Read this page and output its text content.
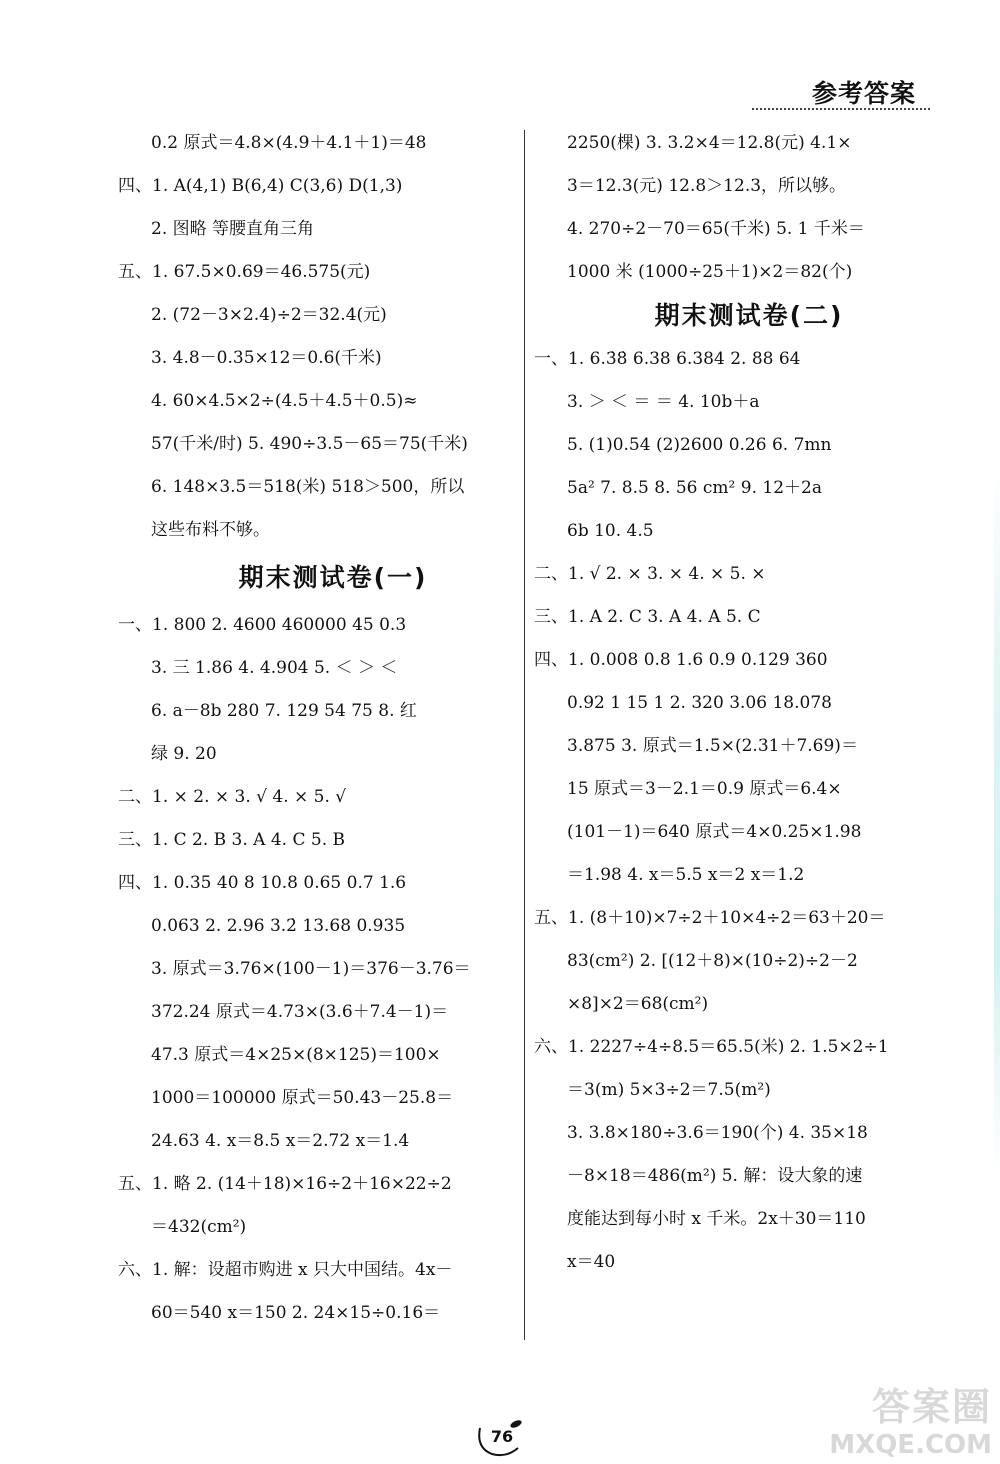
参考答案
0.2 原式＝4.8×(4.9＋4.1＋1)＝48
四、1. A(4,1) B(6,4) C(3,6) D(1,3)
2. 图略 等腰直角三角
五、1. 67.5×0.69＝46.575(元)
2. (72－3×2.4)÷2＝32.4(元)
3. 4.8－0.35×12＝0.6(千米)
4. 60×4.5×2÷(4.5＋4.5＋0.5)≈
57(千米/时) 5. 490÷3.5－65＝75(千米)
6. 148×3.5＝518(米) 518＞500，所以
这些布料不够。
期末测试卷(一)
一、1. 800 2. 4600 460000 45 0.3
3. 三 1.86 4. 4.904 5. ＜ ＞ ＜
6. a－8b 280 7. 129 54 75 8. 红
绿 9. 20
二、1. × 2. × 3. √ 4. × 5. √
三、1. C 2. B 3. A 4. C 5. B
四、1. 0.35 40 8 10.8 0.65 0.7 1.6
0.063 2. 2.96 3.2̇ 13.68 0.935
3. 原式＝3.76×(100－1)＝376－3.76＝
372.24 原式＝4.73×(3.6＋7.4－1)＝
47.3 原式＝4×25×(8×125)＝100×
1000＝100000 原式＝50.43－25.8＝
24.63 4. x＝8.5 x＝2.72 x＝1.4
五、1. 略 2. (14＋18)×16÷2＋16×22÷2
＝432(cm²)
六、1. 解：设超市购进 x 只大中国结。4x－
60＝540 x＝150 2. 24×15÷0.16＝
2250(棵) 3. 3.2×4＝12.8(元) 4.1×
3＝12.3(元) 12.8＞12.3，所以够。
4. 270÷2－70＝65(千米) 5. 1 千米＝
1000 米 (1000÷25＋1)×2＝82(个)
期末测试卷(二)
一、1. 6.3̇8̇ 6.38 6.384 2. 88 64
3. ＞ ＜ ＝ ＝ 4. 10b＋a
5. (1)0.54 (2)2600 0.26 6. 7mn
5a² 7. 8.5 8. 56 cm² 9. 12＋2a
6b 10. 4.5
二、1. √ 2. × 3. × 4. × 5. ×
三、1. A 2. C 3. A 4. A 5. C
四、1. 0.008 0.8 1.6 0.9 0.129 360
0.92 1 15 1 2. 320 3.06 18.078
3.875 3. 原式＝1.5×(2.31＋7.69)＝
15 原式＝3－2.1＝0.9 原式＝6.4×
(101－1)＝640 原式＝4×0.25×1.98
＝1.98 4. x＝5.5 x＝2 x＝1.2
五、1. (8＋10)×7÷2＋10×4÷2＝63＋20＝
83(cm²) 2. [(12＋8)×(10÷2)÷2－2
×8]×2＝68(cm²)
六、1. 2227÷4÷8.5＝65.5(米) 2. 1.5×2÷1
＝3(m) 5×3÷2＝7.5(m²)
3. 3.8×180÷3.6＝190(个) 4. 35×18
－8×18＝486(m²) 5. 解：设大象的速
度能达到每小时 x 千米。2x＋30＝110
x＝40
76
答案圈
MXQE.COM
